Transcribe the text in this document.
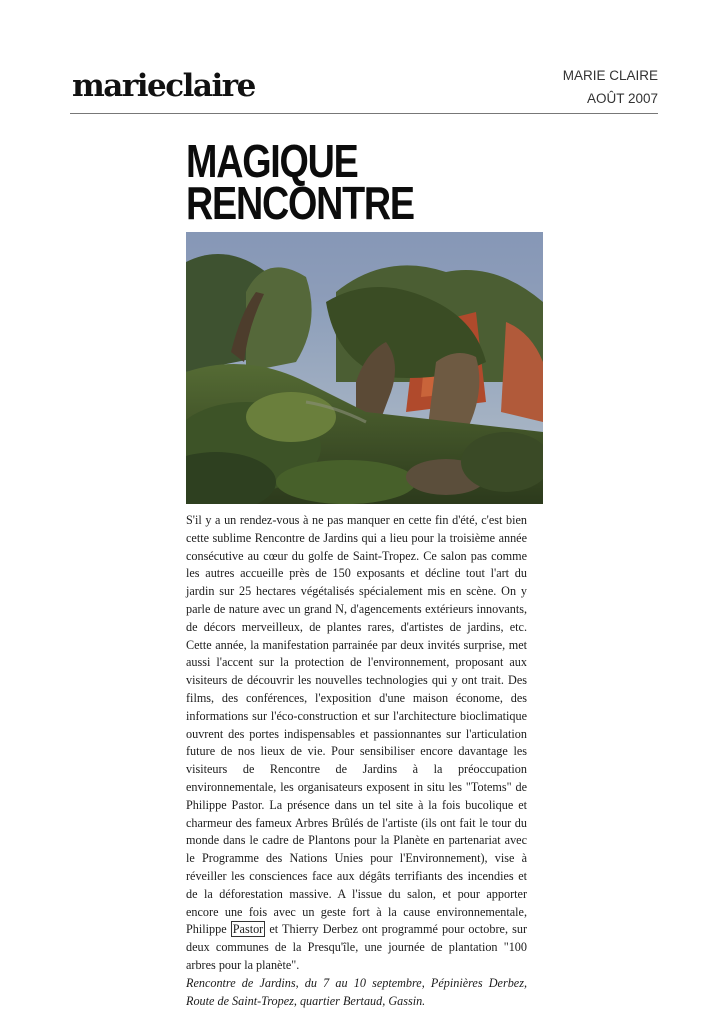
marieclaire	MARIE CLAIRE
AOÛT 2007
MAGIQUE
RENCONTRE

S'il y a un rendez-vous à ne pas manquer en cette fin d'été, c'est bien cette sublime Rencontre de Jardins qui a lieu pour la troisième année consécutive au cœur du golfe de Saint-Tropez. Ce salon pas comme les autres accueille près de 150 exposants et décline tout l'art du jardin sur 25 hectares végétalisés spécialement mis en scène. On y parle de nature avec un grand N, d'agencements extérieurs innovants, de décors merveilleux, de plantes rares, d'artistes de jardins, etc. Cette année, la manifestation parrainée par deux invités surprise, met aussi l'accent sur la protection de l'environnement, proposant aux visiteurs de découvrir les nouvelles technologies qui y ont trait. Des films, des conférences, l'exposition d'une maison économe, des informations sur l'éco-construction et sur l'architecture bioclimatique ouvrent des portes indispensables et passionnantes sur l'articulation future de nos lieux de vie. Pour sensibiliser encore davantage les visiteurs de Rencontre de Jardins à la préoccupation environnementale, les organisateurs exposent in situ les "Totems" de Philippe Pastor. La présence dans un tel site à la fois bucolique et charmeur des fameux Arbres Brûlés de l'artiste (ils ont fait le tour du monde dans le cadre de Plantons pour la Planète en partenariat avec le Programme des Nations Unies pour l'Environnement), vise à réveiller les consciences face aux dégâts terrifiants des incendies et de la déforestation massive. A l'issue du salon, et pour apporter encore une fois avec un geste fort à la cause environnementale, Philippe Pastor et Thierry Derbez ont programmé pour octobre, sur deux communes de la Presqu'île, une journée de plantation "100 arbres pour la planète".

Rencontre de Jardins, du 7 au 10 septembre, Pépinières Derbez, Route de Saint-Tropez, quartier Bertaud, Gassin.
